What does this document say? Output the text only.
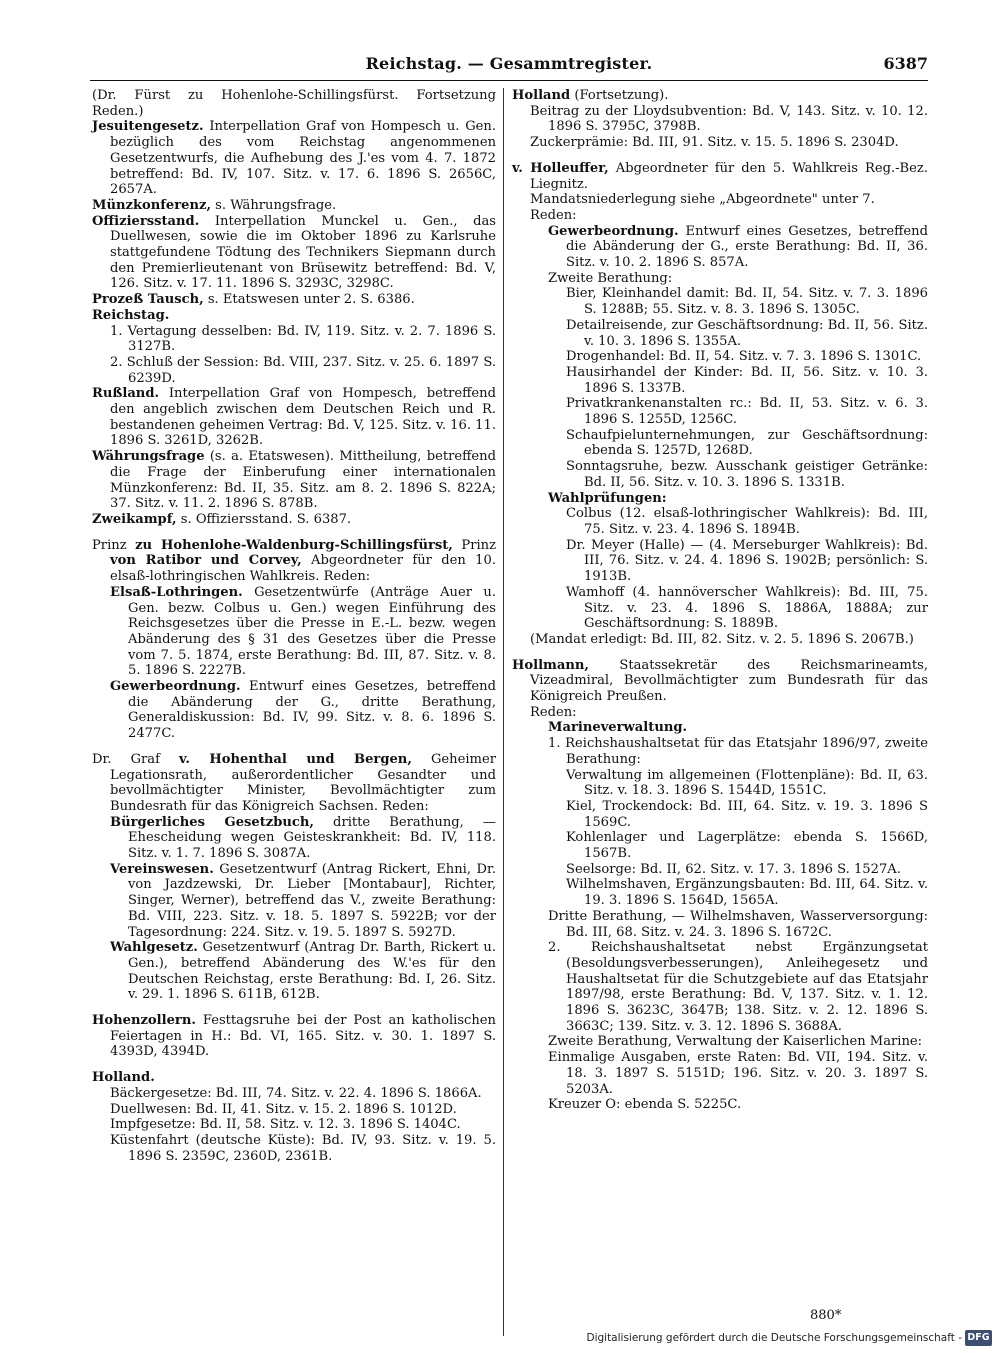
Reichstag. — Gesammtregister.	6387

(Dr. Fürst zu Hohenlohe-Schillingsfürst. Fortsetzung Reden.)

Jesuitengesetz. Interpellation Graf von Hompesch u. Gen. bezüglich des vom Reichstag angenommenen Gesetzentwurfs, die Aufhebung des J.'es vom 4. 7. 1872 betreffend: Bd. IV, 107. Sitz. v. 17. 6. 1896 S. 2656C, 2657A.

Münzkonferenz, s. Währungsfrage.

Offiziersstand. Interpellation Munckel u. Gen., das Duellwesen, sowie die im Oktober 1896 zu Karlsruhe stattgefundene Tödtung des Technikers Siepmann durch den Premierlieutenant von Brüsewitz betreffend: Bd. V, 126. Sitz. v. 17. 11. 1896 S. 3293C, 3298C.

Prozeß Tausch, s. Etatswesen unter 2. S. 6386.

Reichstag.

1. Vertagung desselben: Bd. IV, 119. Sitz. v. 2. 7. 1896 S. 3127B.

2. Schluß der Session: Bd. VIII, 237. Sitz. v. 25. 6. 1897 S. 6239D.

Rußland. Interpellation Graf von Hompesch, betreffend den angeblich zwischen dem Deutschen Reich und R. bestandenen geheimen Vertrag: Bd. V, 125. Sitz. v. 16. 11. 1896 S. 3261D, 3262B.

Währungsfrage (s. a. Etatswesen). Mittheilung, betreffend die Frage der Einberufung einer internationalen Münzkonferenz: Bd. II, 35. Sitz. am 8. 2. 1896 S. 822A; 37. Sitz. v. 11. 2. 1896 S. 878B.

Zweikampf, s. Offiziersstand. S. 6387.

Prinz zu Hohenlohe-Waldenburg-Schillingsfürst, Prinz von Ratibor und Corvey, Abgeordneter für den 10. elsaß-lothringischen Wahlkreis. Reden:

Elsaß-Lothringen. Gesetzentwürfe (Anträge Auer u. Gen. bezw. Colbus u. Gen.) wegen Einführung des Reichsgesetzes über die Presse in E.-L. bezw. wegen Abänderung des § 31 des Gesetzes über die Presse vom 7. 5. 1874, erste Berathung: Bd. III, 87. Sitz. v. 8. 5. 1896 S. 2227B.

Gewerbeordnung. Entwurf eines Gesetzes, betreffend die Abänderung der G., dritte Berathung, Generaldiskussion: Bd. IV, 99. Sitz. v. 8. 6. 1896 S. 2477C.

Dr. Graf v. Hohenthal und Bergen, Geheimer Legationsrath, außerordentlicher Gesandter und bevollmächtigter Minister, Bevollmächtigter zum Bundesrath für das Königreich Sachsen. Reden:

Bürgerliches Gesetzbuch, dritte Berathung, — Ehescheidung wegen Geisteskrankheit: Bd. IV, 118. Sitz. v. 1. 7. 1896 S. 3087A.

Vereinswesen. Gesetzentwurf (Antrag Rickert, Ehni, Dr. von Jazdzewski, Dr. Lieber [Montabaur], Richter, Singer, Werner), betreffend das V., zweite Berathung: Bd. VIII, 223. Sitz. v. 18. 5. 1897 S. 5922B; vor der Tagesordnung: 224. Sitz. v. 19. 5. 1897 S. 5927D.

Wahlgesetz. Gesetzentwurf (Antrag Dr. Barth, Rickert u. Gen.), betreffend Abänderung des W.'es für den Deutschen Reichstag, erste Berathung: Bd. I, 26. Sitz. v. 29. 1. 1896 S. 611B, 612B.

Hohenzollern. Festtagsruhe bei der Post an katholischen Feiertagen in H.: Bd. VI, 165. Sitz. v. 30. 1. 1897 S. 4393D, 4394D.

Holland.

Bäckergesetze: Bd. III, 74. Sitz. v. 22. 4. 1896 S. 1866A.

Duellwesen: Bd. II, 41. Sitz. v. 15. 2. 1896 S. 1012D.

Impfgesetze: Bd. II, 58. Sitz. v. 12. 3. 1896 S. 1404C.

Küstenfahrt (deutsche Küste): Bd. IV, 93. Sitz. v. 19. 5. 1896 S. 2359C, 2360D, 2361B.

Holland (Fortsetzung).

Beitrag zu der Lloydsubvention: Bd. V, 143. Sitz. v. 10. 12. 1896 S. 3795C, 3798B.

Zuckerprämie: Bd. III, 91. Sitz. v. 15. 5. 1896 S. 2304D.

v. Holleuffer, Abgeordneter für den 5. Wahlkreis Reg.-Bez. Liegnitz.

Mandatsniederlegung siehe „Abgeordnete" unter 7.

Reden:

Gewerbeordnung. Entwurf eines Gesetzes, betreffend die Abänderung der G., erste Berathung: Bd. II, 36. Sitz. v. 10. 2. 1896 S. 857A.

Zweite Berathung:

Bier, Kleinhandel damit: Bd. II, 54. Sitz. v. 7. 3. 1896 S. 1288B; 55. Sitz. v. 8. 3. 1896 S. 1305C.

Detailreisende, zur Geschäftsordnung: Bd. II, 56. Sitz. v. 10. 3. 1896 S. 1355A.

Drogenhandel: Bd. II, 54. Sitz. v. 7. 3. 1896 S. 1301C.

Hausirhandel der Kinder: Bd. II, 56. Sitz. v. 10. 3. 1896 S. 1337B.

Privatkrankenanstalten rc.: Bd. II, 53. Sitz. v. 6. 3. 1896 S. 1255D, 1256C.

Schaufpielunternehmungen, zur Geschäftsordnung: ebenda S. 1257D, 1268D.

Sonntagsruhe, bezw. Ausschank geistiger Getränke: Bd. II, 56. Sitz. v. 10. 3. 1896 S. 1331B.

Wahlprüfungen:

Colbus (12. elsaß-lothringischer Wahlkreis): Bd. III, 75. Sitz. v. 23. 4. 1896 S. 1894B.

Dr. Meyer (Halle) — (4. Merseburger Wahlkreis): Bd. III, 76. Sitz. v. 24. 4. 1896 S. 1902B; persönlich: S. 1913B.

Wamhoff (4. hannöverscher Wahlkreis): Bd. III, 75. Sitz. v. 23. 4. 1896 S. 1886A, 1888A; zur Geschäftsordnung: S. 1889B.

(Mandat erledigt: Bd. III, 82. Sitz. v. 2. 5. 1896 S. 2067B.)

Hollmann, Staatssekretär des Reichsmarineamts, Vizeadmiral, Bevollmächtigter zum Bundesrath für das Königreich Preußen.

Reden:

Marineverwaltung.

1. Reichshaushaltsetat für das Etatsjahr 1896/97, zweite Berathung:

Verwaltung im allgemeinen (Flottenpläne): Bd. II, 63. Sitz. v. 18. 3. 1896 S. 1544D, 1551C.

Kiel, Trockendock: Bd. III, 64. Sitz. v. 19. 3. 1896 S 1569C.

Kohlenlager und Lagerplätze: ebenda S. 1566D, 1567B.

Seelsorge: Bd. II, 62. Sitz. v. 17. 3. 1896 S. 1527A.

Wilhelmshaven, Ergänzungsbauten: Bd. III, 64. Sitz. v. 19. 3. 1896 S. 1564D, 1565A.

Dritte Berathung, — Wilhelmshaven, Wasserversorgung: Bd. III, 68. Sitz. v. 24. 3. 1896 S. 1672C.

2. Reichshaushaltsetat nebst Ergänzungsetat (Besoldungsverbesserungen), Anleihegesetz und Haushaltsetat für die Schutzgebiete auf das Etatsjahr 1897/98, erste Berathung: Bd. V, 137. Sitz. v. 1. 12. 1896 S. 3623C, 3647B; 138. Sitz. v. 2. 12. 1896 S. 3663C; 139. Sitz. v. 3. 12. 1896 S. 3688A.

Zweite Berathung, Verwaltung der Kaiserlichen Marine:

Einmalige Ausgaben, erste Raten: Bd. VII, 194. Sitz. v. 18. 3. 1897 S. 5151D; 196. Sitz. v. 20. 3. 1897 S. 5203A.

Kreuzer O: ebenda S. 5225C.

880*
Digitalisierung gefördert durch die Deutsche Forschungsgemeinschaft - DFG
